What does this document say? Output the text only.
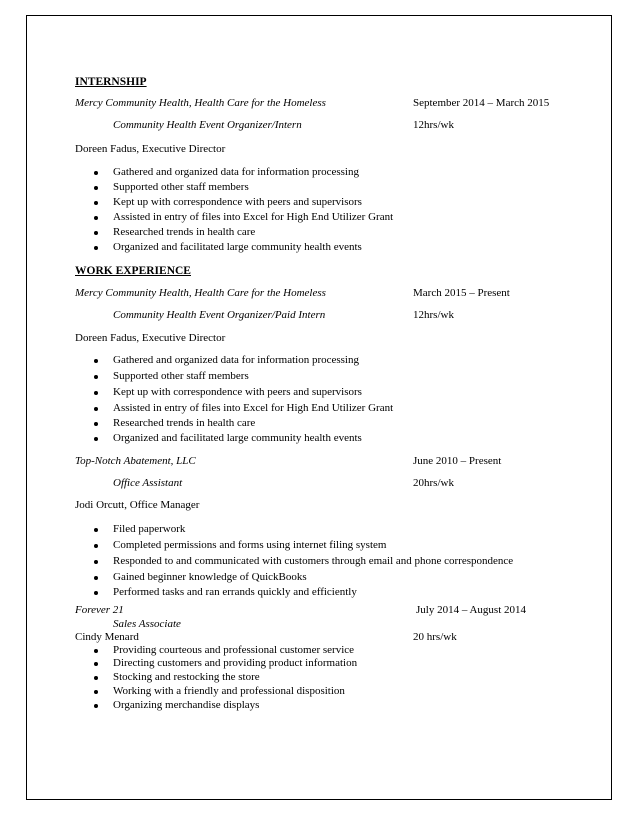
INTERNSHIP
Mercy Community Health, Health Care for the Homeless	September 2014 – March 2015
Community Health Event Organizer/Intern	12hrs/wk
Doreen Fadus, Executive Director
Gathered and organized data for information processing
Supported other staff members
Kept up with correspondence with peers and supervisors
Assisted in entry of files into Excel for High End Utilizer Grant
Researched trends in health care
Organized and facilitated large community health events
WORK EXPERIENCE
Mercy Community Health, Health Care for the Homeless	March 2015 – Present
Community Health Event Organizer/Paid Intern	12hrs/wk
Doreen Fadus, Executive Director
Gathered and organized data for information processing
Supported other staff members
Kept up with correspondence with peers and supervisors
Assisted in entry of files into Excel for High End Utilizer Grant
Researched trends in health care
Organized and facilitated large community health events
Top-Notch Abatement, LLC	June 2010 – Present
Office Assistant	20hrs/wk
Jodi Orcutt, Office Manager
Filed paperwork
Completed permissions and forms using internet filing system
Responded to and communicated with customers through email and phone correspondence
Gained beginner knowledge of QuickBooks
Performed tasks and ran errands quickly and efficiently
Forever 21	July 2014 – August 2014
Sales Associate
Cindy Menard	20 hrs/wk
Providing courteous and professional customer service
Directing customers and providing product information
Stocking and restocking the store
Working with a friendly and professional disposition
Organizing merchandise displays
